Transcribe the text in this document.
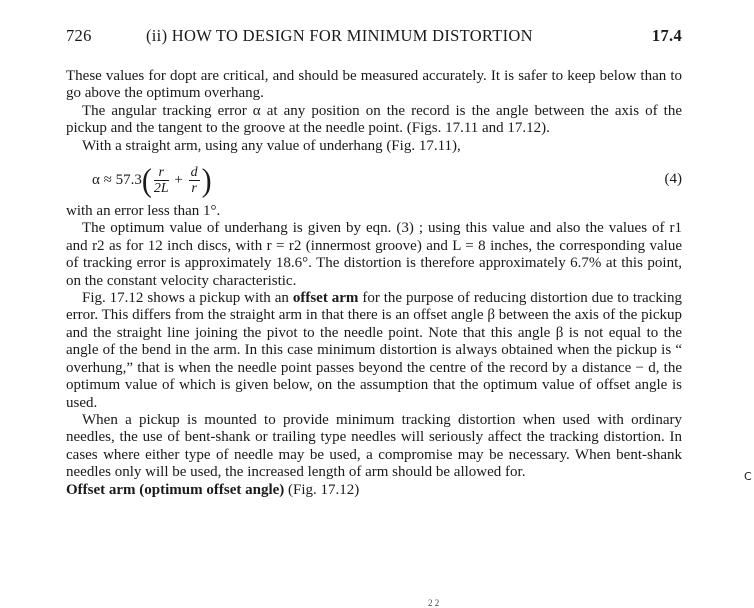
726	(ii) HOW TO DESIGN FOR MINIMUM DISTORTION	17.4

These values for dopt are critical, and should be measured accurately. It is safer to keep below than to go above the optimum overhang.

The angular tracking error α at any position on the record is the angle between the axis of the pickup and the tangent to the groove at the needle point. (Figs. 17.11 and 17.12).

With a straight arm, using any value of underhang (Fig. 17.11),

$\alpha \approx 57.3( \frac{r}{2L} + \frac{d}{r}$ )	(4)

with an error less than 1°.

The optimum value of underhang is given by eqn. (3) ; using this value and also the values of r1 and r2 as for 12 inch discs, with r = r2 (innermost groove) and L = 8 inches, the corresponding value of tracking error is approximately 18.6°. The distortion is therefore approximately 6.7% at this point, on the constant velocity characteristic.

Fig. 17.12 shows a pickup with an offset arm for the purpose of reducing distortion due to tracking error. This differs from the straight arm in that there is an offset angle β between the axis of the pickup and the straight line joining the pivot to the needle point. Note that this angle β is not equal to the angle of the bend in the arm. In this case minimum distortion is always obtained when the pickup is “ overhung,” that is when the needle point passes beyond the centre of the record by a distance − d, the optimum value of which is given below, on the assumption that the optimum value of offset angle is used.

When a pickup is mounted to provide minimum tracking distortion when used with ordinary needles, the use of bent-shank or trailing type needles will seriously affect the tracking distortion. In cases where either type of needle may be used, a compromise may be necessary. When bent-shank needles only will be used, the increased length of arm should be allowed for.

Offset arm (optimum offset angle) (Fig. 17.12)

C
2 2
